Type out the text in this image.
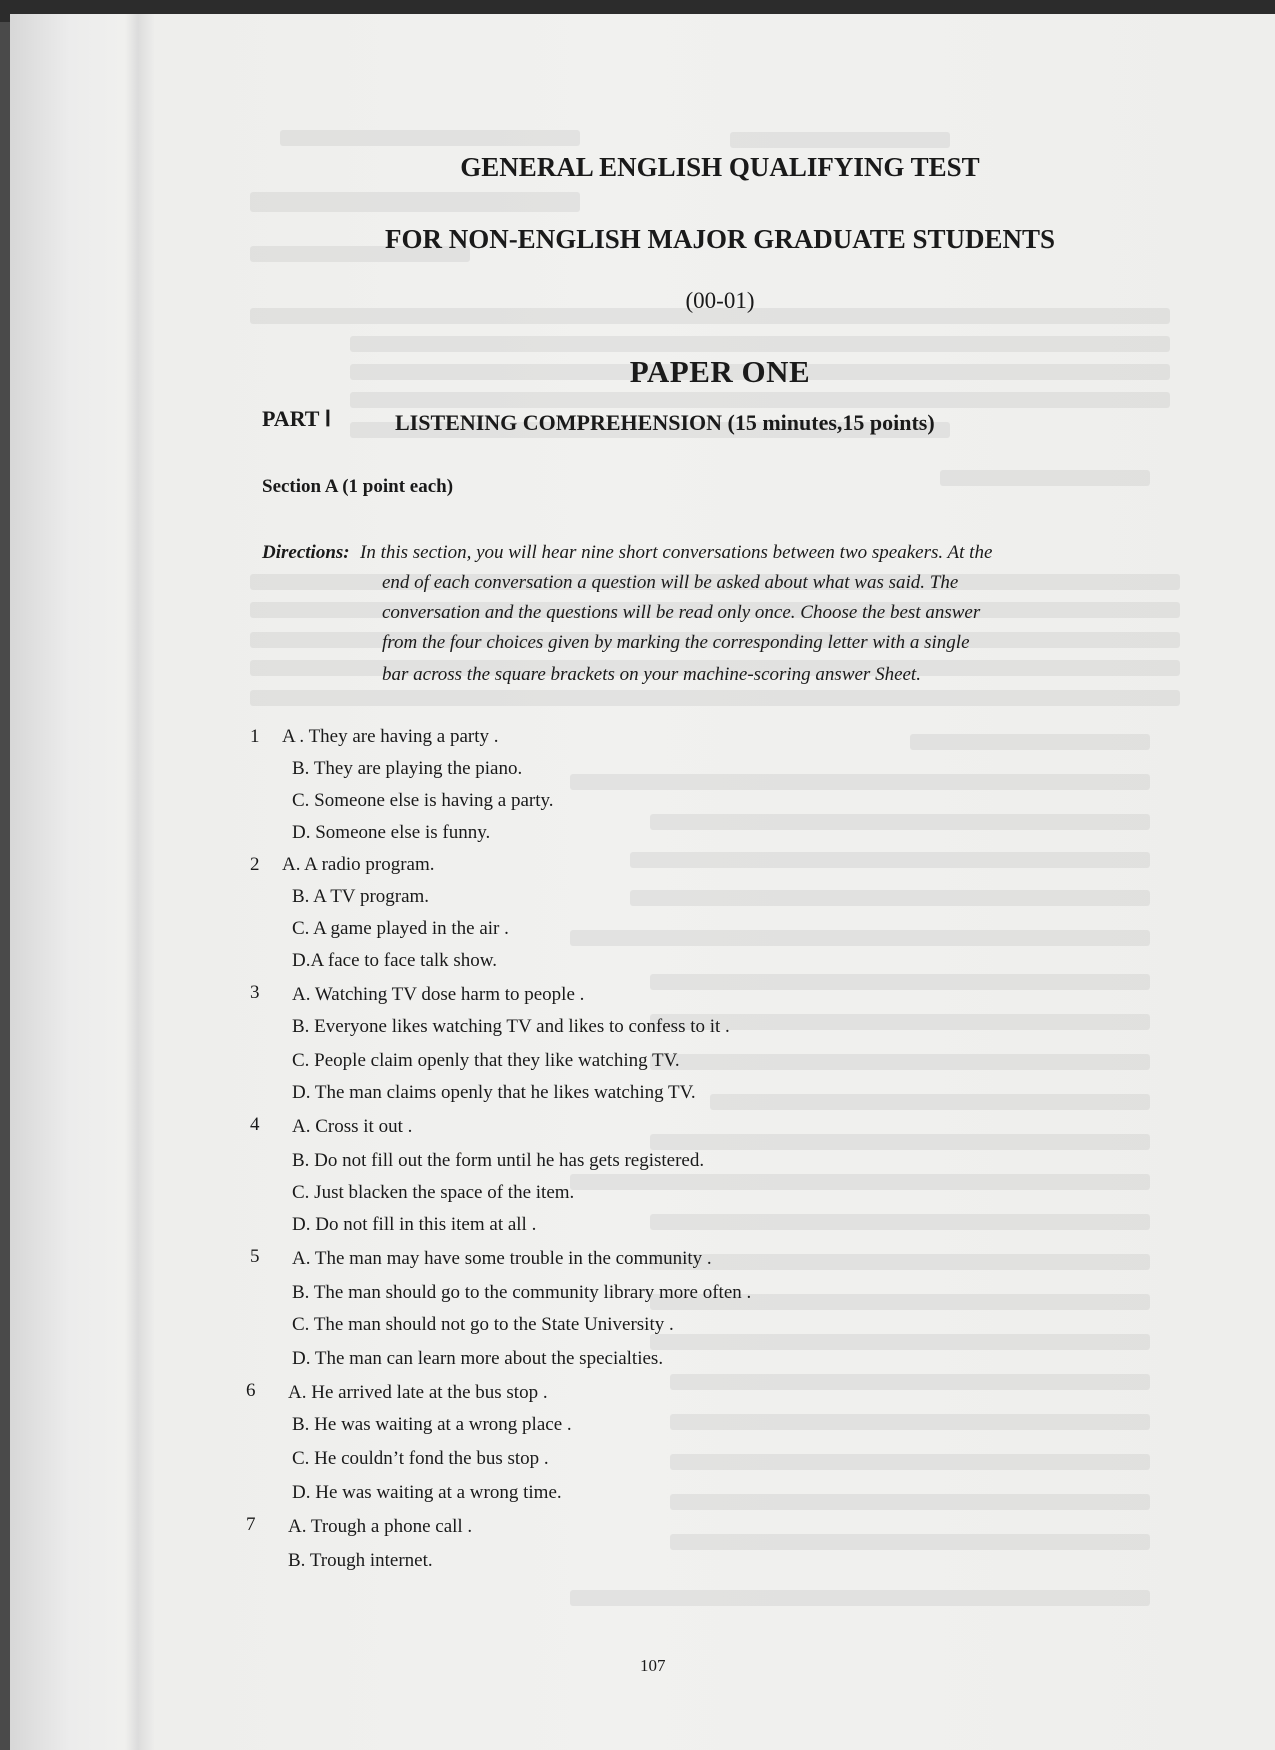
GENERAL ENGLISH QUALIFYING TEST
FOR NON-ENGLISH MAJOR GRADUATE STUDENTS
(00-01)
PAPER ONE
PART Ⅰ	LISTENING COMPREHENSION (15 minutes,15 points)
Section A (1 point each)
Directions: In this section, you will hear nine short conversations between two speakers. At the
end of each conversation a question will be asked about what was said. The
conversation and the questions will be read only once. Choose the best answer
from the four choices given by marking the corresponding letter with a single
bar across the square brackets on your machine-scoring answer Sheet.
1 A . They are having a party .
B. They are playing the piano.
C. Someone else is having a party.
D. Someone else is funny.
2 A. A radio program.
B. A TV program.
C. A game played in the air .
D.A face to face talk show.
3 A. Watching TV dose harm to people .
B. Everyone likes watching TV and likes to confess to it .
C. People claim openly that they like watching TV.
D. The man claims openly that he likes watching TV.
4 A. Cross it out .
B. Do not fill out the form until he has gets registered.
C. Just blacken the space of the item.
D. Do not fill in this item at all .
5 A. The man may have some trouble in the community .
B. The man should go to the community library more often .
C. The man should not go to the State University .
D. The man can learn more about the specialties.
6 A. He arrived late at the bus stop .
B. He was waiting at a wrong place .
C. He couldn’t fond the bus stop .
D. He was waiting at a wrong time.
7 A. Trough a phone call .
B. Trough internet.
107
